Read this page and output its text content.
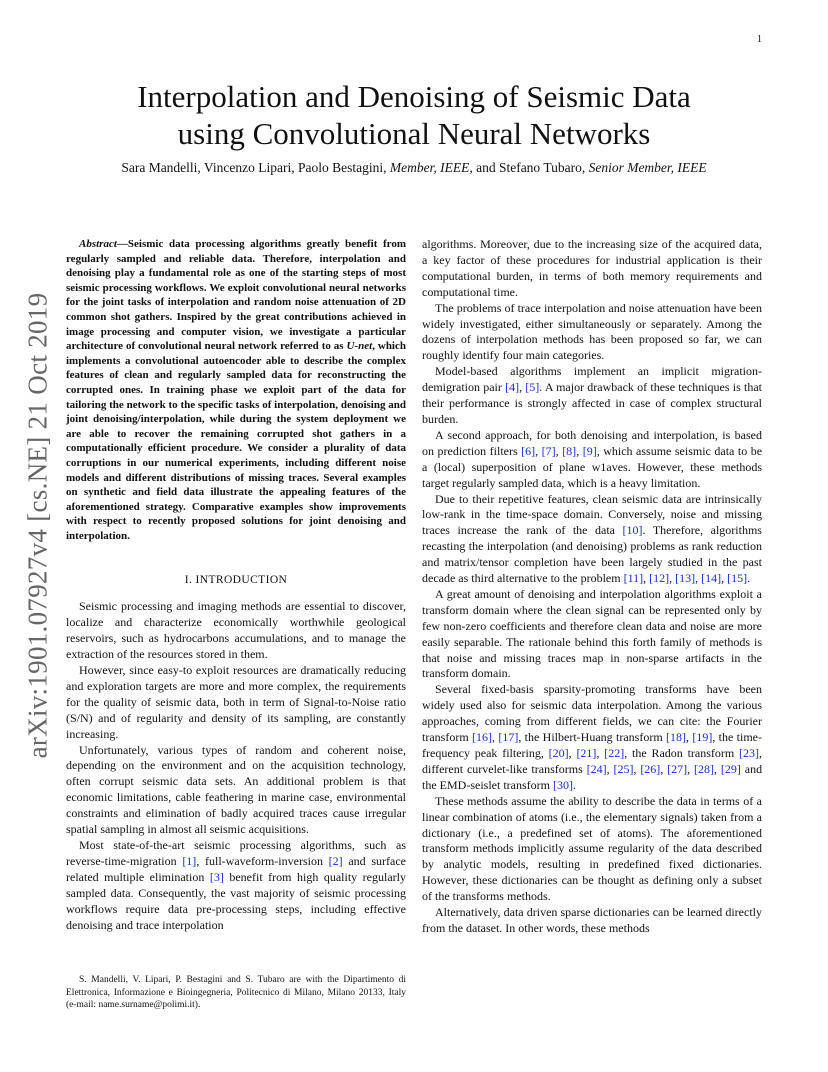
1
arXiv:1901.07927v4 [cs.NE] 21 Oct 2019
Interpolation and Denoising of Seismic Data
using Convolutional Neural Networks
Sara Mandelli, Vincenzo Lipari, Paolo Bestagini, Member, IEEE, and Stefano Tubaro, Senior Member, IEEE

Abstract—Seismic data processing algorithms greatly benefit from regularly sampled and reliable data. Therefore, interpolation and denoising play a fundamental role as one of the starting steps of most seismic processing workflows. We exploit convolutional neural networks for the joint tasks of interpolation and random noise attenuation of 2D common shot gathers. Inspired by the great contributions achieved in image processing and computer vision, we investigate a particular architecture of convolutional neural network referred to as U-net, which implements a convolutional autoencoder able to describe the complex features of clean and regularly sampled data for reconstructing the corrupted ones. In training phase we exploit part of the data for tailoring the network to the specific tasks of interpolation, denoising and joint denoising/interpolation, while during the system deployment we are able to recover the remaining corrupted shot gathers in a computationally efficient procedure. We consider a plurality of data corruptions in our numerical experiments, including different noise models and different distributions of missing traces. Several examples on synthetic and field data illustrate the appealing features of the aforementioned strategy. Comparative examples show improvements with respect to recently proposed solutions for joint denoising and interpolation.

I. INTRODUCTION

Seismic processing and imaging methods are essential to discover, localize and characterize economically worthwhile geological reservoirs, such as hydrocarbons accumulations, and to manage the extraction of the resources stored in them.

However, since easy-to exploit resources are dramatically reducing and exploration targets are more and more complex, the requirements for the quality of seismic data, both in term of Signal-to-Noise ratio (S/N) and of regularity and density of its sampling, are constantly increasing.

Unfortunately, various types of random and coherent noise, depending on the environment and on the acquisition technology, often corrupt seismic data sets. An additional problem is that economic limitations, cable feathering in marine case, environmental constraints and elimination of badly acquired traces cause irregular spatial sampling in almost all seismic acquisitions.

Most state-of-the-art seismic processing algorithms, such as reverse-time-migration [1], full-waveform-inversion [2] and surface related multiple elimination [3] benefit from high quality regularly sampled data. Consequently, the vast majority of seismic processing workflows require data pre-processing steps, including effective denoising and trace interpolation

S. Mandelli, V. Lipari, P. Bestagini and S. Tubaro are with the Dipartimento di Elettronica, Informazione e Bioingegneria, Politecnico di Milano, Milano 20133, Italy (e-mail: name.surname@polimi.it).

algorithms. Moreover, due to the increasing size of the acquired data, a key factor of these procedures for industrial application is their computational burden, in terms of both memory requirements and computational time.

The problems of trace interpolation and noise attenuation have been widely investigated, either simultaneously or separately. Among the dozens of interpolation methods has been proposed so far, we can roughly identify four main categories.

Model-based algorithms implement an implicit migration-demigration pair [4], [5]. A major drawback of these techniques is that their performance is strongly affected in case of complex structural burden.

A second approach, for both denoising and interpolation, is based on prediction filters [6], [7], [8], [9], which assume seismic data to be a (local) superposition of plane w1aves. However, these methods target regularly sampled data, which is a heavy limitation.

Due to their repetitive features, clean seismic data are intrinsically low-rank in the time-space domain. Conversely, noise and missing traces increase the rank of the data [10]. Therefore, algorithms recasting the interpolation (and denoising) problems as rank reduction and matrix/tensor completion have been largely studied in the past decade as third alternative to the problem [11], [12], [13], [14], [15].

A great amount of denoising and interpolation algorithms exploit a transform domain where the clean signal can be represented only by few non-zero coefficients and therefore clean data and noise are more easily separable. The rationale behind this forth family of methods is that noise and missing traces map in non-sparse artifacts in the transform domain.

Several fixed-basis sparsity-promoting transforms have been widely used also for seismic data interpolation. Among the various approaches, coming from different fields, we can cite: the Fourier transform [16], [17], the Hilbert-Huang transform [18], [19], the time-frequency peak filtering, [20], [21], [22], the Radon transform [23], different curvelet-like transforms [24], [25], [26], [27], [28], [29] and the EMD-seislet transform [30].

These methods assume the ability to describe the data in terms of a linear combination of atoms (i.e., the elementary signals) taken from a dictionary (i.e., a predefined set of atoms). The aforementioned transform methods implicitly assume regularity of the data described by analytic models, resulting in predefined fixed dictionaries. However, these dictionaries can be thought as defining only a subset of the transforms methods.

Alternatively, data driven sparse dictionaries can be learned directly from the dataset. In other words, these methods
